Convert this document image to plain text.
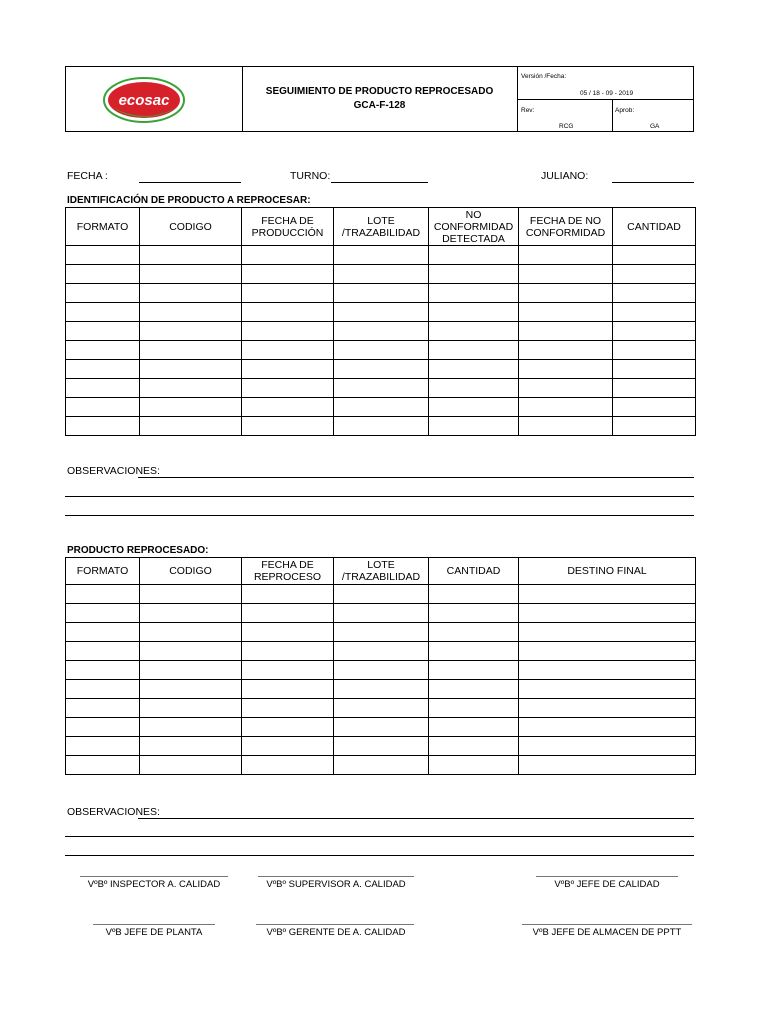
ecosac
SEGUIMIENTO DE PRODUCTO REPROCESADO
GCA-F-128
Versión /Fecha:
05 / 18 - 09 - 2019
Rev:	Aprob:
RCG	GA
FECHA :	TURNO:	JULIANO:
IDENTIFICACIÓN DE PRODUCTO A REPROCESAR:
FORMATO	CODIGO	FECHA DE PRODUCCIÓN	LOTE /TRAZABILIDAD	NO CONFORMIDAD DETECTADA	FECHA DE NO CONFORMIDAD	CANTIDAD

OBSERVACIONES:
PRODUCTO REPROCESADO:
FORMATO	CODIGO	FECHA DE REPROCESO	LOTE /TRAZABILIDAD	CANTIDAD	DESTINO FINAL

OBSERVACIONES:
VºBº INSPECTOR A. CALIDAD	VºBº SUPERVISOR A. CALIDAD	VºBº JEFE DE CALIDAD
VºB JEFE DE PLANTA	VºBº GERENTE DE A. CALIDAD	VºB JEFE DE ALMACEN DE PPTT
